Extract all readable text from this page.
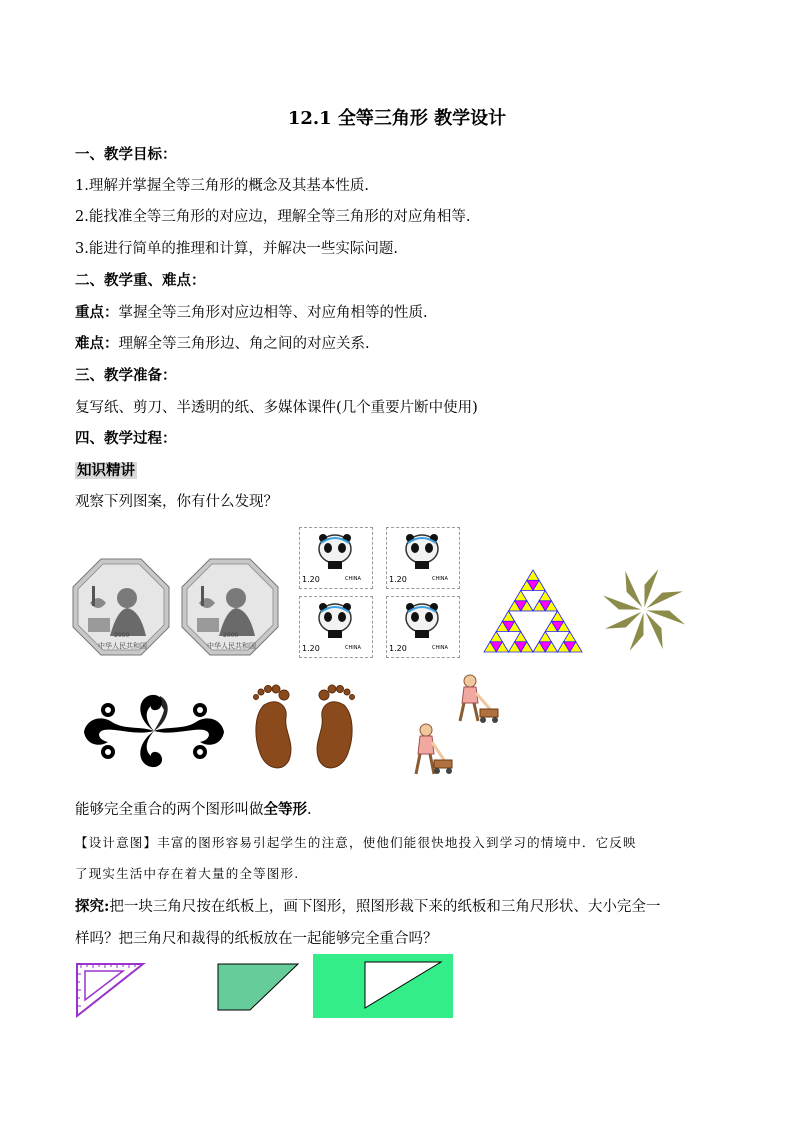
12.1 全等三角形 教学设计
一、教学目标：
1.理解并掌握全等三角形的概念及其基本性质.
2.能找准全等三角形的对应边，理解全等三角形的对应角相等.
3.能进行简单的推理和计算，并解决一些实际问题.
二、教学重、难点：
重点：掌握全等三角形对应边相等、对应角相等的性质.
难点：理解全等三角形边、角之间的对应关系.
三、教学准备：
复写纸、剪刀、半透明的纸、多媒体课件(几个重要片断中使用)
四、教学过程：
知识精讲
观察下列图案，你有什么发现？
中华人民共和国
2000
中华人民共和国
2000
1.20	CHINA	1.20	CHINA
1.20	CHINA	1.20	CHINA
能够完全重合的两个图形叫做全等形.
【设计意图】丰富的图形容易引起学生的注意，使他们能很快地投入到学习的情境中．它反映
了现实生活中存在着大量的全等图形.
探究:把一块三角尺按在纸板上，画下图形，照图形裁下来的纸板和三角尺形状、大小完全一
样吗？把三角尺和裁得的纸板放在一起能够完全重合吗？
